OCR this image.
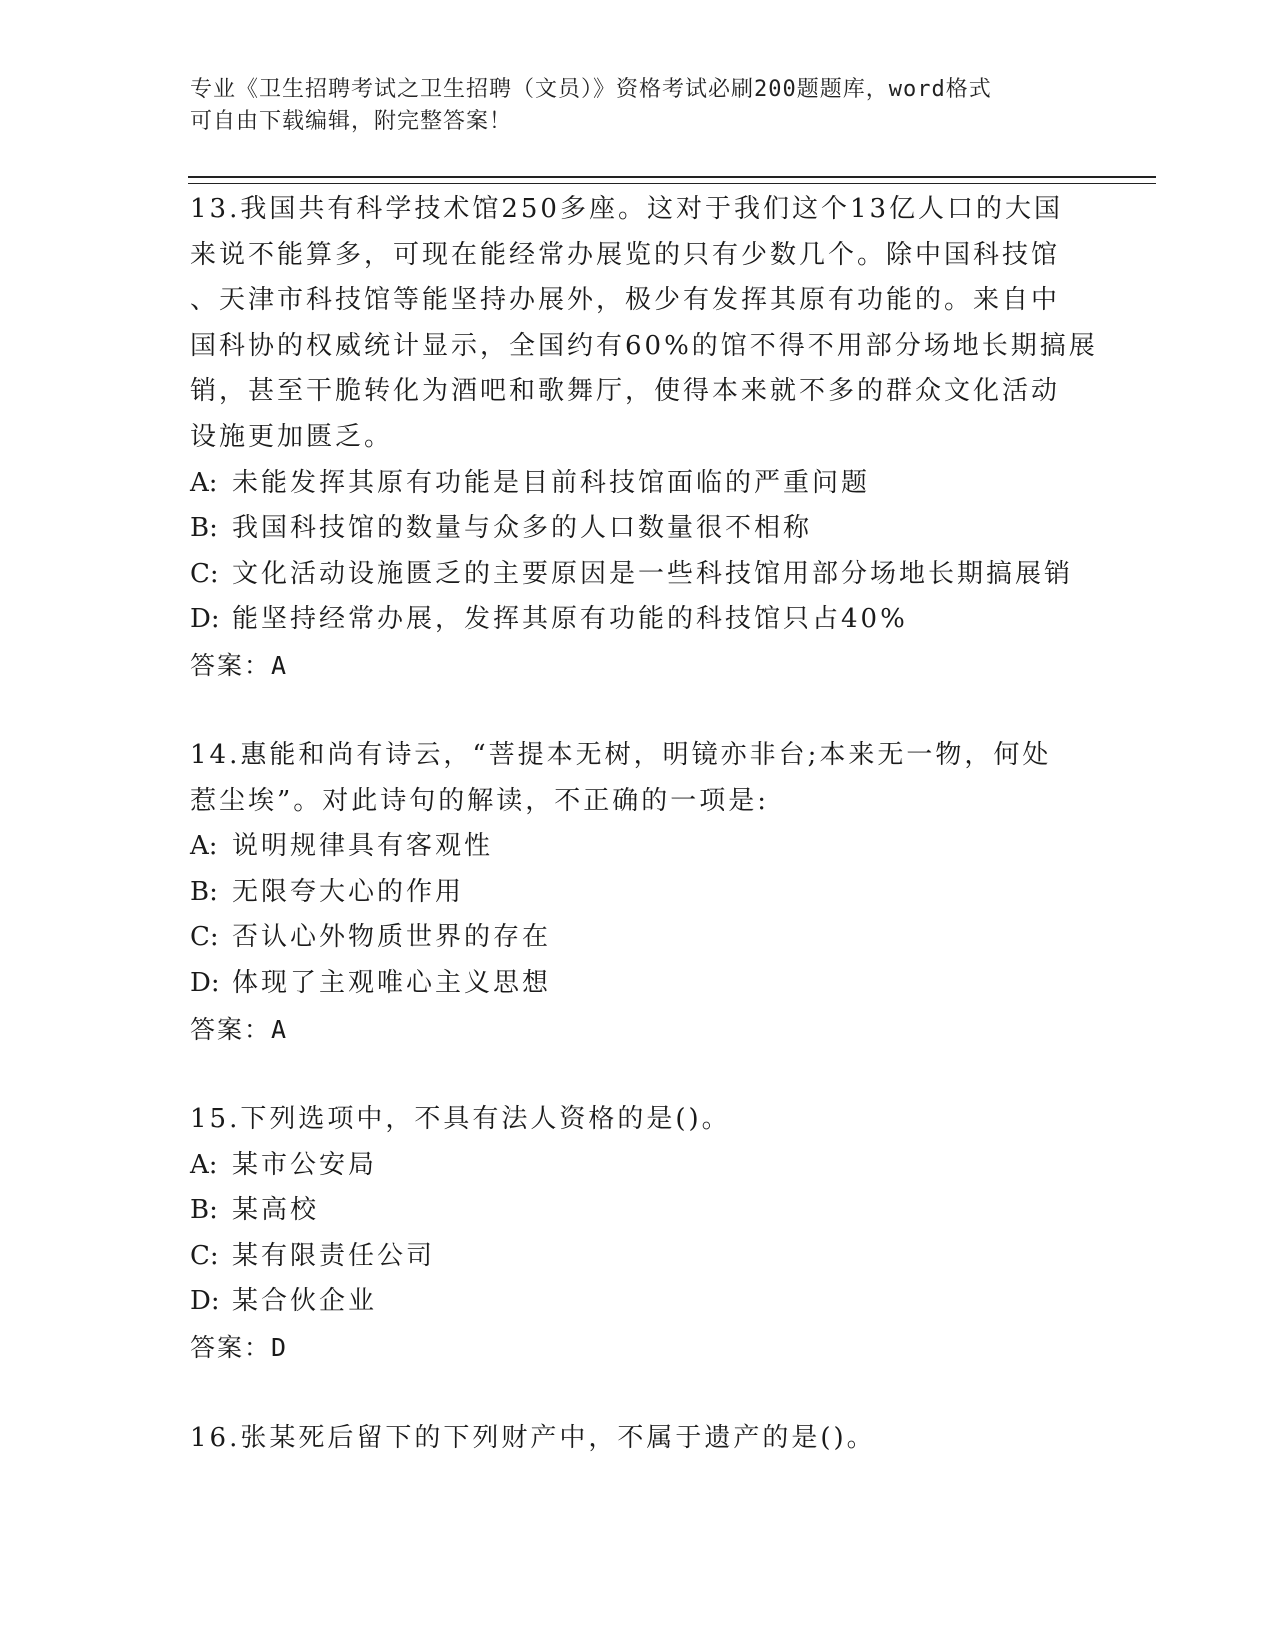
专业《卫生招聘考试之卫生招聘（文员）》资格考试必刷200题题库，word格式
可自由下载编辑，附完整答案！
13.我国共有科学技术馆250多座。这对于我们这个13亿人口的大国
来说不能算多，可现在能经常办展览的只有少数几个。除中国科技馆
、天津市科技馆等能坚持办展外，极少有发挥其原有功能的。来自中
国科协的权威统计显示，全国约有60%的馆不得不用部分场地长期搞展
销，甚至干脆转化为酒吧和歌舞厅，使得本来就不多的群众文化活动
设施更加匮乏。
A: 未能发挥其原有功能是目前科技馆面临的严重问题
B: 我国科技馆的数量与众多的人口数量很不相称
C: 文化活动设施匮乏的主要原因是一些科技馆用部分场地长期搞展销
D: 能坚持经常办展，发挥其原有功能的科技馆只占40%
答案：A
14.惠能和尚有诗云，“菩提本无树，明镜亦非台;本来无一物，何处
惹尘埃”。对此诗句的解读，不正确的一项是:
A: 说明规律具有客观性
B: 无限夸大心的作用
C: 否认心外物质世界的存在
D: 体现了主观唯心主义思想
答案：A
15.下列选项中，不具有法人资格的是()。
A: 某市公安局
B: 某高校
C: 某有限责任公司
D: 某合伙企业
答案：D
16.张某死后留下的下列财产中，不属于遗产的是()。
